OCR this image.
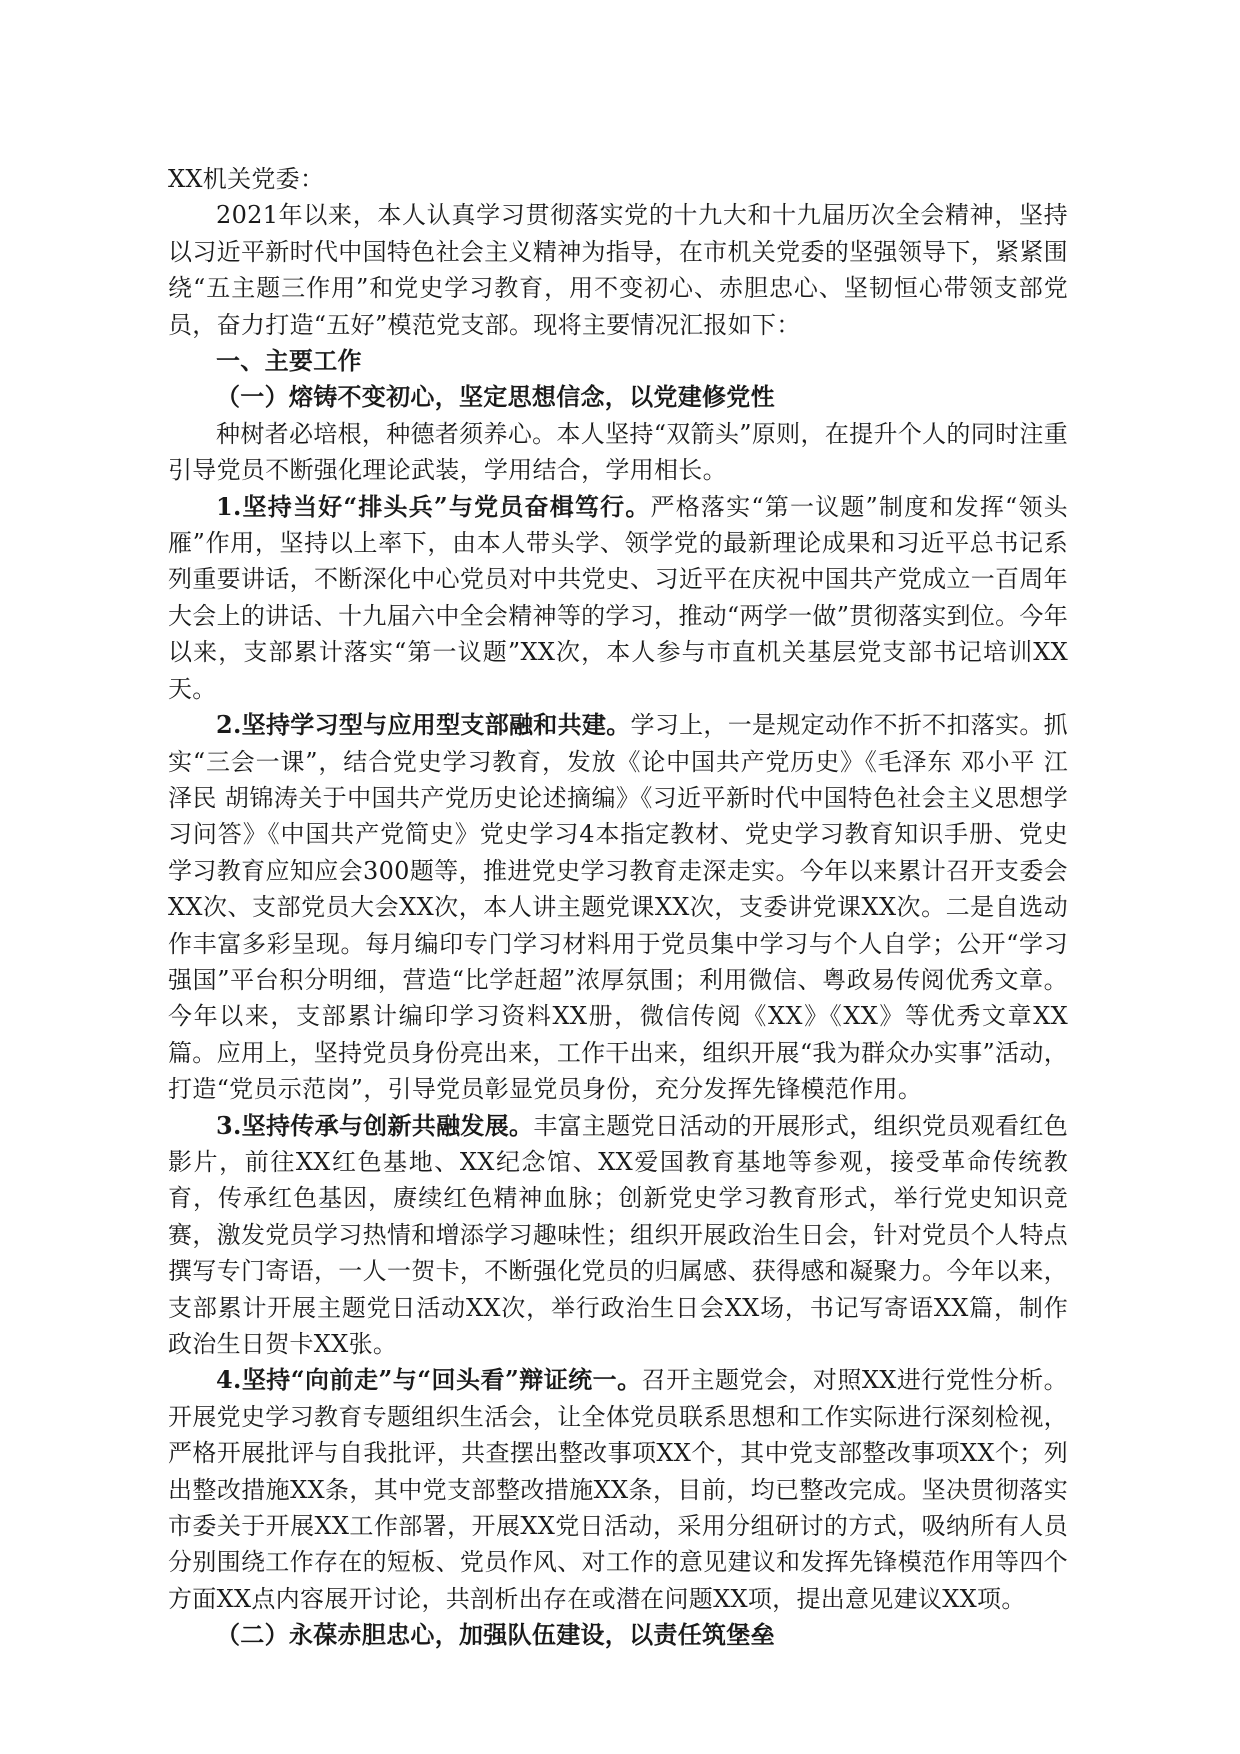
XX机关党委：

2021年以来，本人认真学习贯彻落实党的十九大和十九届历次全会精神，坚持以习近平新时代中国特色社会主义精神为指导，在市机关党委的坚强领导下，紧紧围绕“五主题三作用”和党史学习教育，用不变初心、赤胆忠心、坚韧恒心带领支部党员，奋力打造“五好”模范党支部。现将主要情况汇报如下：

一、主要工作

（一）熔铸不变初心，坚定思想信念，以党建修党性

种树者必培根，种德者须养心。本人坚持“双箭头”原则，在提升个人的同时注重引导党员不断强化理论武装，学用结合，学用相长。

1.坚持当好“排头兵”与党员奋楫笃行。严格落实“第一议题”制度和发挥“领头雁”作用，坚持以上率下，由本人带头学、领学党的最新理论成果和习近平总书记系列重要讲话，不断深化中心党员对中共党史、习近平在庆祝中国共产党成立一百周年大会上的讲话、十九届六中全会精神等的学习，推动“两学一做”贯彻落实到位。今年以来，支部累计落实“第一议题”XX次，本人参与市直机关基层党支部书记培训XX天。

2.坚持学习型与应用型支部融和共建。学习上，一是规定动作不折不扣落实。抓实“三会一课”，结合党史学习教育，发放《论中国共产党历史》《毛泽东 邓小平 江泽民 胡锦涛关于中国共产党历史论述摘编》《习近平新时代中国特色社会主义思想学习问答》《中国共产党简史》党史学习4本指定教材、党史学习教育知识手册、党史学习教育应知应会300题等，推进党史学习教育走深走实。今年以来累计召开支委会XX次、支部党员大会XX次，本人讲主题党课XX次，支委讲党课XX次。二是自选动作丰富多彩呈现。每月编印专门学习材料用于党员集中学习与个人自学；公开“学习强国”平台积分明细，营造“比学赶超”浓厚氛围；利用微信、粤政易传阅优秀文章。今年以来，支部累计编印学习资料XX册，微信传阅《XX》《XX》等优秀文章XX篇。应用上，坚持党员身份亮出来，工作干出来，组织开展“我为群众办实事”活动，打造“党员示范岗”，引导党员彰显党员身份，充分发挥先锋模范作用。

3.坚持传承与创新共融发展。丰富主题党日活动的开展形式，组织党员观看红色影片，前往XX红色基地、XX纪念馆、XX爱国教育基地等参观，接受革命传统教育，传承红色基因，赓续红色精神血脉；创新党史学习教育形式，举行党史知识竞赛，激发党员学习热情和增添学习趣味性；组织开展政治生日会，针对党员个人特点撰写专门寄语，一人一贺卡，不断强化党员的归属感、获得感和凝聚力。今年以来，支部累计开展主题党日活动XX次，举行政治生日会XX场，书记写寄语XX篇，制作政治生日贺卡XX张。

4.坚持“向前走”与“回头看”辩证统一。召开主题党会，对照XX进行党性分析。开展党史学习教育专题组织生活会，让全体党员联系思想和工作实际进行深刻检视，严格开展批评与自我批评，共查摆出整改事项XX个，其中党支部整改事项XX个；列出整改措施XX条，其中党支部整改措施XX条，目前，均已整改完成。坚决贯彻落实市委关于开展XX工作部署，开展XX党日活动，采用分组研讨的方式，吸纳所有人员分别围绕工作存在的短板、党员作风、对工作的意见建议和发挥先锋模范作用等四个方面XX点内容展开讨论，共剖析出存在或潜在问题XX项，提出意见建议XX项。

（二）永葆赤胆忠心，加强队伍建设，以责任筑堡垒
